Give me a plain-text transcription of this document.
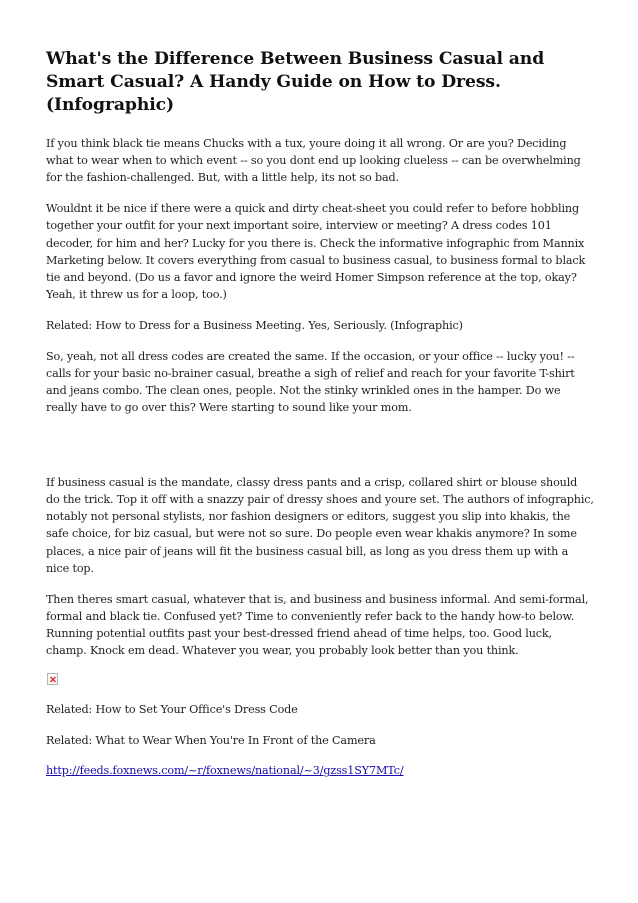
What's the Difference Between Business Casual and Smart Casual? A Handy Guide on How to Dress. (Infographic)

If you think black tie means Chucks with a tux, youre doing it all wrong. Or are you? Deciding what to wear when to which event -- so you dont end up looking clueless -- can be overwhelming for the fashion-challenged. But, with a little help, its not so bad.

Wouldnt it be nice if there were a quick and dirty cheat-sheet you could refer to before hobbling together your outfit for your next important soire, interview or meeting? A dress codes 101 decoder, for him and her? Lucky for you there is. Check the informative infographic from Mannix Marketing below. It covers everything from casual to business casual, to business formal to black tie and beyond. (Do us a favor and ignore the weird Homer Simpson reference at the top, okay? Yeah, it threw us for a loop, too.)

Related: How to Dress for a Business Meeting. Yes, Seriously. (Infographic)

So, yeah, not all dress codes are created the same. If the occasion, or your office -- lucky you! -- calls for your basic no-brainer casual, breathe a sigh of relief and reach for your favorite T-shirt and jeans combo. The clean ones, people. Not the stinky wrinkled ones in the hamper. Do we really have to go over this? Were starting to sound like your mom.

If business casual is the mandate, classy dress pants and a crisp, collared shirt or blouse should do the trick. Top it off with a snazzy pair of dressy shoes and youre set. The authors of infographic, notably not personal stylists, nor fashion designers or editors, suggest you slip into khakis, the safe choice, for biz casual, but were not so sure. Do people even wear khakis anymore? In some places, a nice pair of jeans will fit the business casual bill, as long as you dress them up with a nice top.

Then theres smart casual, whatever that is, and business and business informal. And semi-formal, formal and black tie. Confused yet? Time to conveniently refer back to the handy how-to below. Running potential outfits past your best-dressed friend ahead of time helps, too. Good luck, champ. Knock em dead. Whatever you wear, you probably look better than you think.

Related: How to Set Your Office's Dress Code

Related: What to Wear When You're In Front of the Camera

http://feeds.foxnews.com/~r/foxnews/national/~3/gzss1SY7MTc/
